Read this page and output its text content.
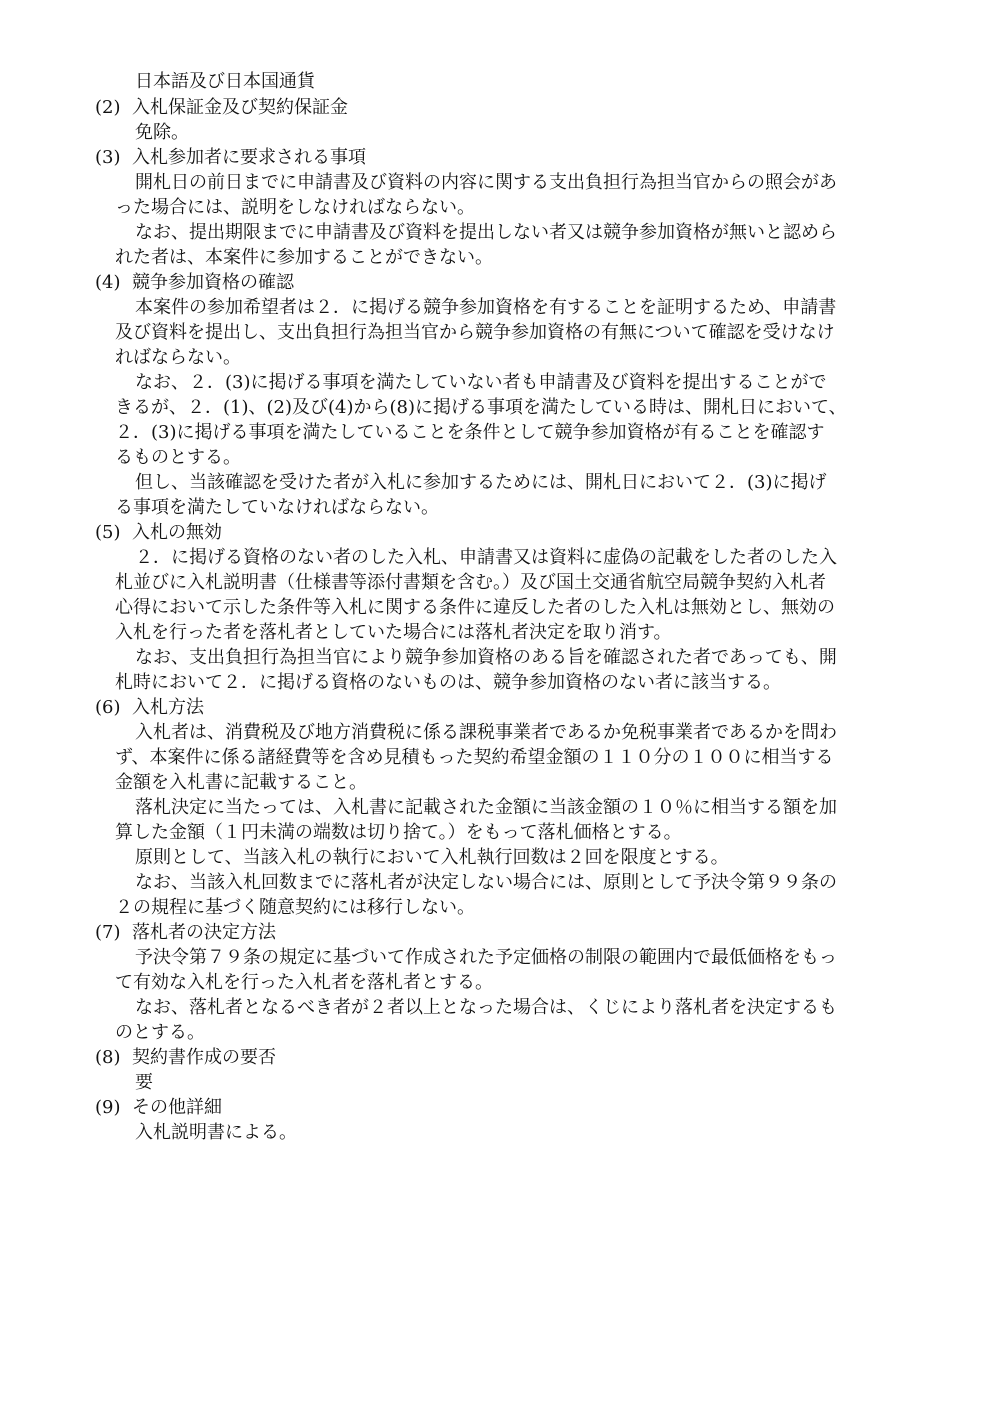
日本語及び日本国通貨
(2)  入札保証金及び契約保証金
免除。
(3)  入札参加者に要求される事項
開札日の前日までに申請書及び資料の内容に関する支出負担行為担当官からの照会があ
った場合には、説明をしなければならない。
なお、提出期限までに申請書及び資料を提出しない者又は競争参加資格が無いと認めら
れた者は、本案件に参加することができない。
(4)  競争参加資格の確認
本案件の参加希望者は２．に掲げる競争参加資格を有することを証明するため、申請書
及び資料を提出し、支出負担行為担当官から競争参加資格の有無について確認を受けなけ
ればならない。
なお、２．(3)に掲げる事項を満たしていない者も申請書及び資料を提出することがで
きるが、２．(1)、(2)及び(4)から(8)に掲げる事項を満たしている時は、開札日において、
２．(3)に掲げる事項を満たしていることを条件として競争参加資格が有ることを確認す
るものとする。
但し、当該確認を受けた者が入札に参加するためには、開札日において２．(3)に掲げ
る事項を満たしていなければならない。
(5)  入札の無効
２．に掲げる資格のない者のした入札、申請書又は資料に虚偽の記載をした者のした入
札並びに入札説明書（仕様書等添付書類を含む。）及び国土交通省航空局競争契約入札者
心得において示した条件等入札に関する条件に違反した者のした入札は無効とし、無効の
入札を行った者を落札者としていた場合には落札者決定を取り消す。
なお、支出負担行為担当官により競争参加資格のある旨を確認された者であっても、開
札時において２．に掲げる資格のないものは、競争参加資格のない者に該当する。
(6)  入札方法
入札者は、消費税及び地方消費税に係る課税事業者であるか免税事業者であるかを問わ
ず、本案件に係る諸経費等を含め見積もった契約希望金額の１１０分の１００に相当する
金額を入札書に記載すること。
落札決定に当たっては、入札書に記載された金額に当該金額の１０％に相当する額を加
算した金額（１円未満の端数は切り捨て。）をもって落札価格とする。
原則として、当該入札の執行において入札執行回数は２回を限度とする。
なお、当該入札回数までに落札者が決定しない場合には、原則として予決令第９９条の
２の規程に基づく随意契約には移行しない。
(7)  落札者の決定方法
予決令第７９条の規定に基づいて作成された予定価格の制限の範囲内で最低価格をもっ
て有効な入札を行った入札者を落札者とする。
なお、落札者となるべき者が２者以上となった場合は、くじにより落札者を決定するも
のとする。
(8)  契約書作成の要否
要
(9)  その他詳細
入札説明書による。
